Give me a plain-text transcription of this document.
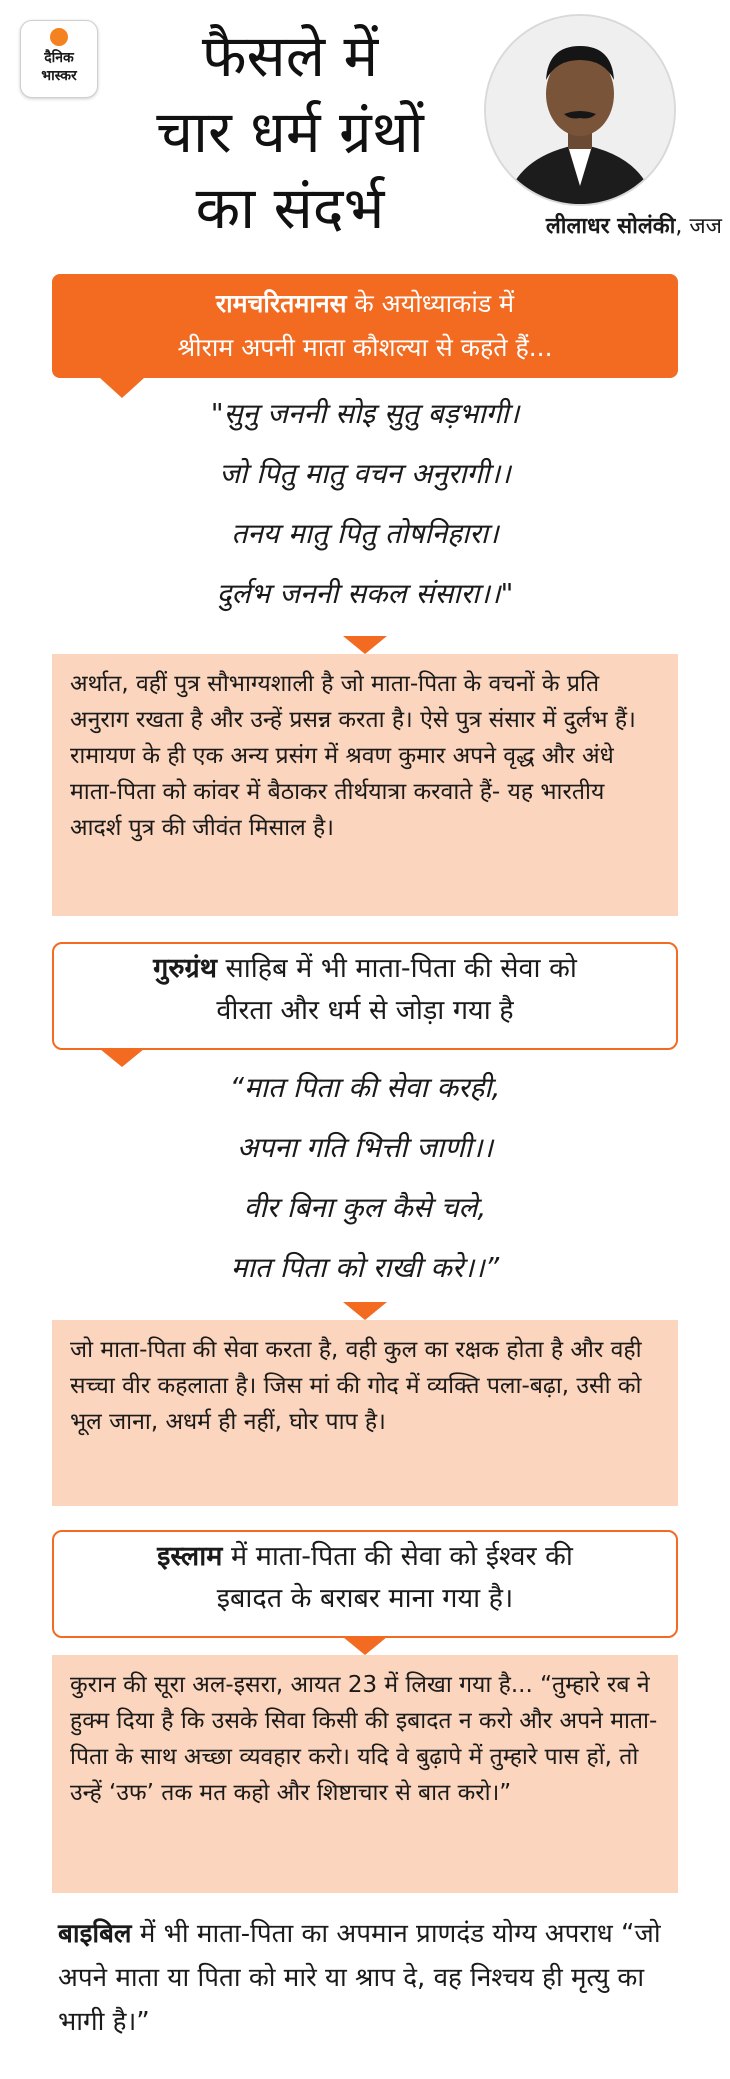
दैनिक
भास्कर	फैसले में
चार धर्म ग्रंथों
का संदर्भ	लीलाधर सोलंकी, जज
रामचरितमानस के अयोध्याकांड में
श्रीराम अपनी माता कौशल्या से कहते हैं...
"सुनु जननी सोइ सुतु बड़भागी।
जो पितु मातु वचन अनुरागी।।
तनय मातु पितु तोषनिहारा।
दुर्लभ जननी सकल संसारा।।"
अर्थात, वहीं पुत्र सौभाग्यशाली है जो माता-पिता के वचनों के प्रति अनुराग रखता है और उन्हें प्रसन्न करता है। ऐसे पुत्र संसार में दुर्लभ हैं। रामायण के ही एक अन्य प्रसंग में श्रवण कुमार अपने वृद्ध और अंधे माता-पिता को कांवर में बैठाकर तीर्थयात्रा करवाते हैं- यह भारतीय आदर्श पुत्र की जीवंत मिसाल है।
गुरुग्रंथ साहिब में भी माता-पिता की सेवा को
वीरता और धर्म से जोड़ा गया है
“मात पिता की सेवा करही,
अपना गति भित्ती जाणी।।
वीर बिना कुल कैसे चले,
मात पिता को राखी करे।।”
जो माता-पिता की सेवा करता है, वही कुल का रक्षक होता है और वही सच्चा वीर कहलाता है। जिस मां की गोद में व्यक्ति पला-बढ़ा, उसी को भूल जाना, अधर्म ही नहीं, घोर पाप है।
इस्लाम में माता-पिता की सेवा को ईश्वर की
इबादत के बराबर माना गया है।
कुरान की सूरा अल-इसरा, आयत 23 में लिखा गया है... “तुम्हारे रब ने हुक्म दिया है कि उसके सिवा किसी की इबादत न करो और अपने माता-पिता के साथ अच्छा व्यवहार करो। यदि वे बुढ़ापे में तुम्हारे पास हों, तो उन्हें ‘उफ’ तक मत कहो और शिष्टाचार से बात करो।”
बाइबिल में भी माता-पिता का अपमान प्राणदंड योग्य अपराध “जो अपने माता या पिता को मारे या श्राप दे, वह निश्चय ही मृत्यु का भागी है।”
